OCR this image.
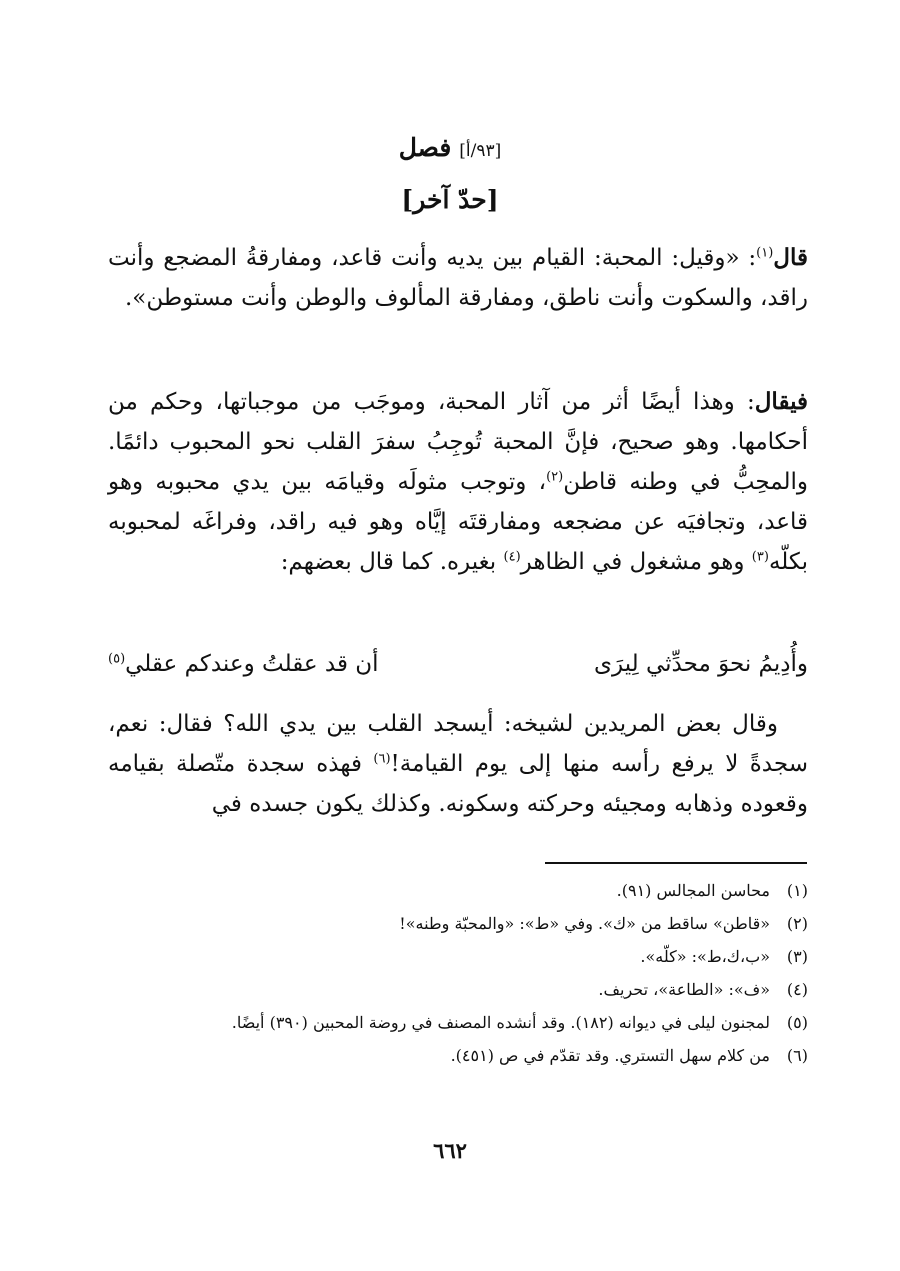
[٩٣/أ] فصل
[حدّ آخر]
قال$^{(١)}$: «وقيل: المحبة: القيام بين يديه وأنت قاعد، ومفارقةُ المضجع وأنت راقد، والسكوت وأنت ناطق، ومفارقة المألوف والوطن وأنت مستوطن».
فيقال: وهذا أيضًا أثر من آثار المحبة، وموجَب من موجباتها، وحكم من أحكامها. وهو صحيح، فإنَّ المحبة تُوجِبُ سفرَ القلب نحو المحبوب دائمًا. والمحِبُّ في وطنه قاطن$^{(٢)}$، وتوجب مثولَه وقيامَه بين يدي محبوبه وهو قاعد، وتجافيَه عن مضجعه ومفارقتَه إيَّاه وهو فيه راقد، وفراغَه لمحبوبه بكلّه$^{(٣)}$ وهو مشغول في الظاهر$^{(٤)}$ بغيره. كما قال بعضهم:
وأُدِيمُ نحوَ محدِّثي لِيرَى
أن قد عقلتُ وعندكم عقلي$^{(٥)}$
وقال بعض المريدين لشيخه: أيسجد القلب بين يدي الله؟ فقال: نعم، سجدةً لا يرفع رأسه منها إلى يوم القيامة!$^{(٦)}$ فهذه سجدة متّصلة بقيامه وقعوده وذهابه ومجيئه وحركته وسكونه. وكذلك يكون جسده في
(١)
محاسن المجالس (٩١).
(٢)
«قاطن» ساقط من «ك». وفي «ط»: «والمحبّة وطنه»!
(٣)
«ب،ك،ط»: «كلّه».
(٤)
«ف»: «الطاعة»، تحريف.
(٥)
لمجنون ليلى في ديوانه (١٨٢). وقد أنشده المصنف في روضة المحبين (٣٩٠) أيضًا.
(٦)
من كلام سهل التستري. وقد تقدّم في ص (٤٥١).
٦٦٢
